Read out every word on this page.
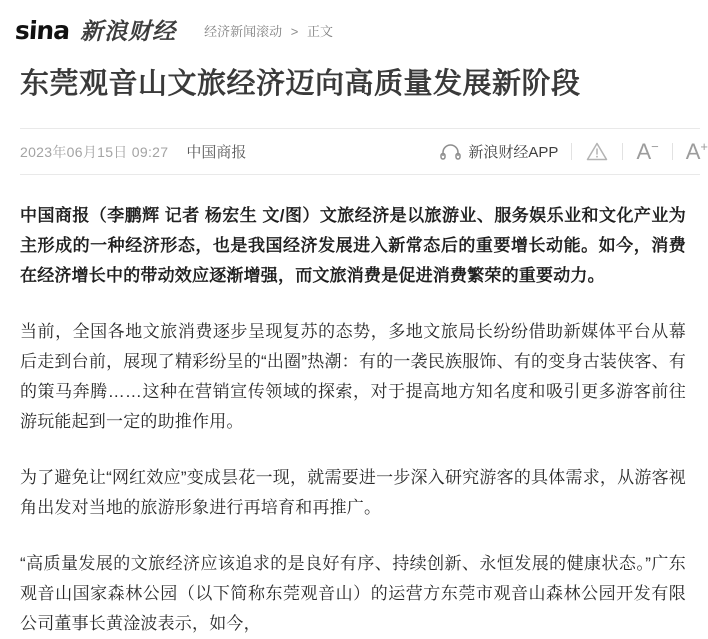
sina 新浪财经 经济新闻滚动 > 正文
东莞观音山文旅经济迈向高质量发展新阶段
2023年06月15日 09:27 中国商报	新浪财经APP	A − A +

中国商报（李鹏辉 记者 杨宏生 文/图）文旅经济是以旅游业、服务娱乐业和文化产业为主形成的一种经济形态，也是我国经济发展进入新常态后的重要增长动能。如今，消费在经济增长中的带动效应逐渐增强，而文旅消费是促进消费繁荣的重要动力。

当前，全国各地文旅消费逐步呈现复苏的态势，多地文旅局长纷纷借助新媒体平台从幕后走到台前，展现了精彩纷呈的“出圈”热潮：有的一袭民族服饰、有的变身古装侠客、有的策马奔腾……这种在营销宣传领域的探索，对于提高地方知名度和吸引更多游客前往游玩能起到一定的助推作用。

为了避免让“网红效应”变成昙花一现，就需要进一步深入研究游客的具体需求，从游客视角出发对当地的旅游形象进行再培育和再推广。

“高质量发展的文旅经济应该追求的是良好有序、持续创新、永恒发展的健康状态。”广东观音山国家森林公园（以下简称东莞观音山）的运营方东莞市观音山森林公园开发有限公司董事长黄淦波表示，如今，
